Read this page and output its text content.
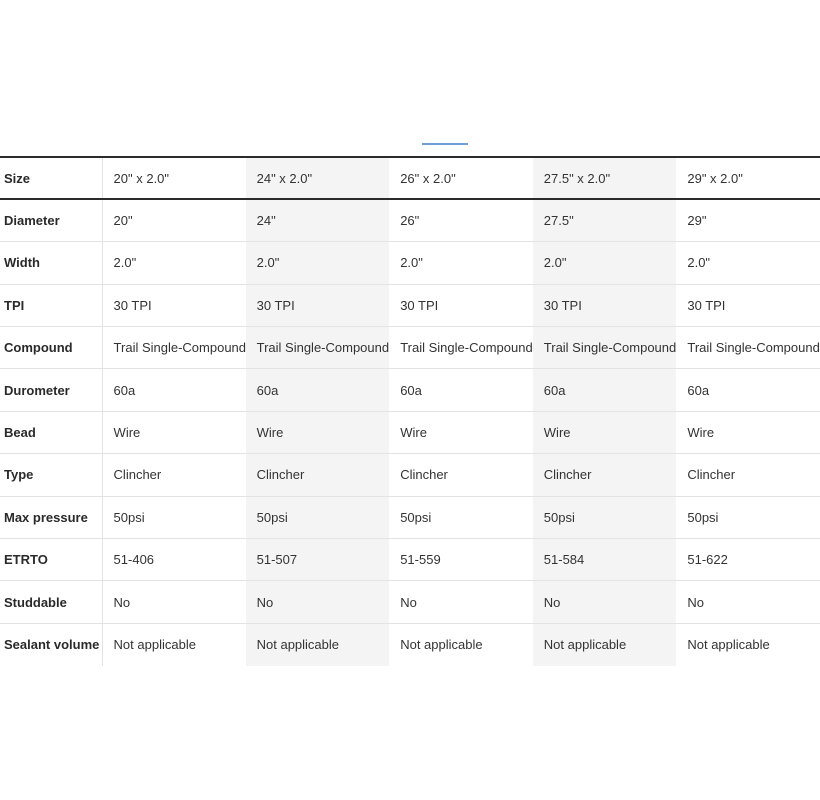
Size	20" x 2.0"	24" x 2.0"	26" x 2.0"	27.5" x 2.0"	29" x 2.0"
Diameter	20"	24"	26"	27.5"	29"
Width	2.0"	2.0"	2.0"	2.0"	2.0"
TPI	30 TPI	30 TPI	30 TPI	30 TPI	30 TPI
Compound	Trail Single-Compound	Trail Single-Compound	Trail Single-Compound	Trail Single-Compound	Trail Single-Compound
Durometer	60a	60a	60a	60a	60a
Bead	Wire	Wire	Wire	Wire	Wire
Type	Clincher	Clincher	Clincher	Clincher	Clincher
Max pressure	50psi	50psi	50psi	50psi	50psi
ETRTO	51-406	51-507	51-559	51-584	51-622
Studdable	No	No	No	No	No
Sealant volume	Not applicable	Not applicable	Not applicable	Not applicable	Not applicable
